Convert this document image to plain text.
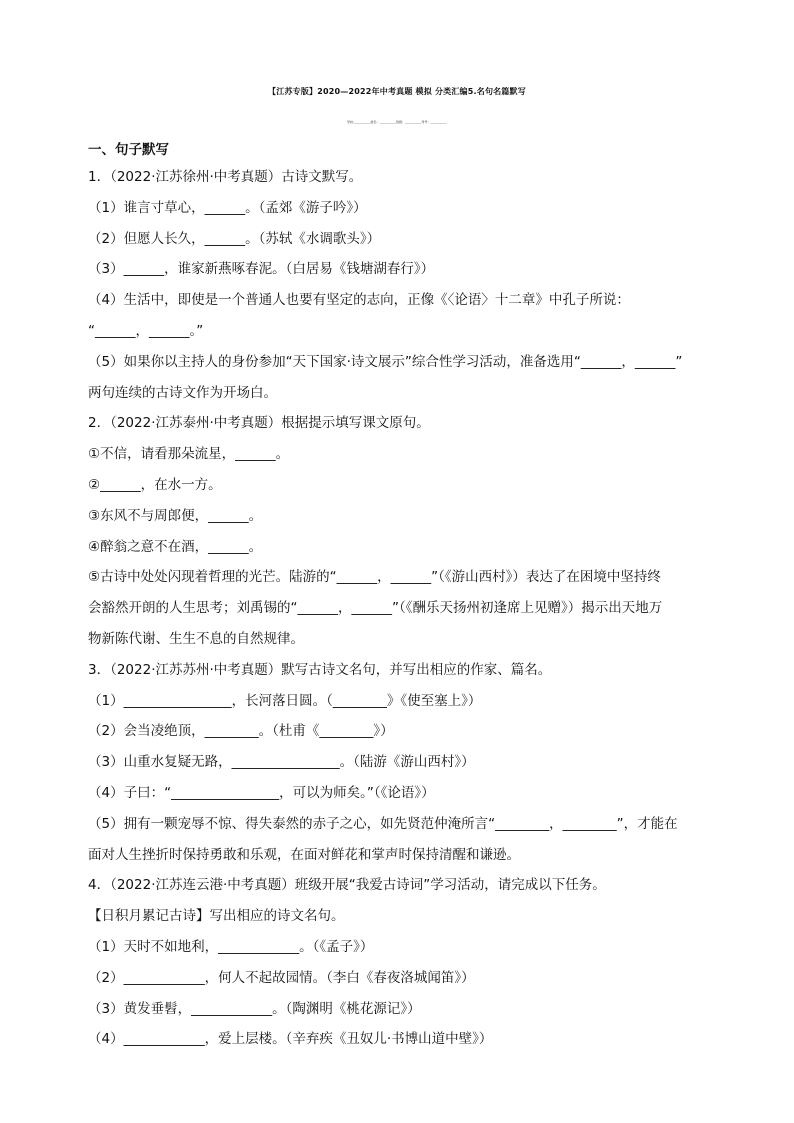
【江苏专版】2020—2022年中考真题 模拟 分类汇编5.名句名篇默写
学校:___________姓名：___________班级：___________考号：___________
一、句子默写
1．（2022·江苏徐州·中考真题）古诗文默写。
（1）谁言寸草心，______。（孟郊《游子吟》）
（2）但愿人长久，______。（苏轼《水调歌头》）
（3）______，谁家新燕啄春泥。（白居易《钱塘湖春行》）
（4）生活中，即使是一个普通人也要有坚定的志向，正像《〈论语〉十二章》中孔子所说：
“______，______。”
（5）如果你以主持人的身份参加“天下国家·诗文展示”综合性学习活动，准备选用“______，______”
两句连续的古诗文作为开场白。
2．（2022·江苏泰州·中考真题）根据提示填写课文原句。
①不信，请看那朵流星，______。
②______，在水一方。
③东风不与周郎便，______。
④醉翁之意不在酒，______。
⑤古诗中处处闪现着哲理的光芒。陆游的“______，______”（《游山西村》）表达了在困境中坚持终
会豁然开朗的人生思考；刘禹锡的“______，______”（《酬乐天扬州初逢席上见赠》）揭示出天地万
物新陈代谢、生生不息的自然规律。
3．（2022·江苏苏州·中考真题）默写古诗文名句，并写出相应的作家、篇名。
（1）________________，长河落日圆。（________》《使至塞上》）
（2）会当凌绝顶，________。（杜甫《________》）
（3）山重水复疑无路，________________。（陆游《游山西村》）
（4）子曰：“________________，可以为师矣。”（《论语》）
（5）拥有一颗宠辱不惊、得失泰然的赤子之心，如先贤范仲淹所言“________，________”，才能在
面对人生挫折时保持勇敢和乐观，在面对鲜花和掌声时保持清醒和谦逊。
4．（2022·江苏连云港·中考真题）班级开展“我爱古诗词”学习活动，请完成以下任务。
【日积月累记古诗】写出相应的诗文名句。
（1）天时不如地利，____________。（《孟子》）
（2）____________，何人不起故园情。（李白《春夜洛城闻笛》）
（3）黄发垂髫，____________。（陶渊明《桃花源记》）
（4）____________，爱上层楼。（辛弃疾《丑奴儿·书博山道中壁》）
